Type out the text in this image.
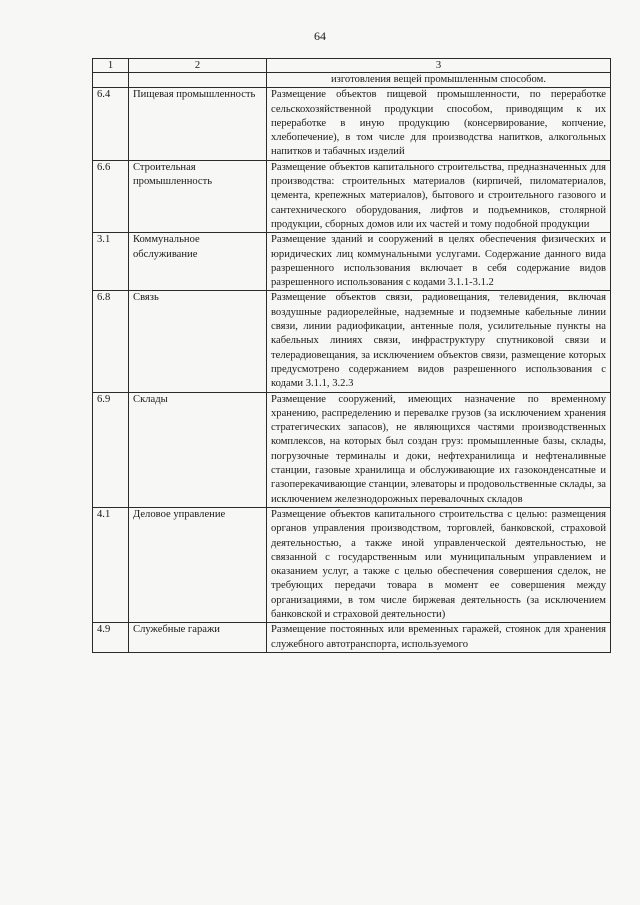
64
1	2	3
		изготовления вещей промышленным способом.
6.4	Пищевая промышленность	Размещение объектов пищевой промышленности, по переработке сельскохозяйственной продукции способом, приводящим к их переработке в иную продукцию (консервирование, копчение, хлебопечение), в том числе для производства напитков, алкогольных напитков и табачных изделий
6.6	Строительная промышленность	Размещение объектов капитального строительства, предназначенных для производства: строительных материалов (кирпичей, пиломатериалов, цемента, крепежных материалов), бытового и строительного газового и сантехнического оборудования, лифтов и подъемников, столярной продукции, сборных домов или их частей и тому подобной продукции
3.1	Коммунальное обслуживание	Размещение зданий и сооружений в целях обеспечения физических и юридических лиц коммунальными услугами. Содержание данного вида разрешенного использования включает в себя содержание видов разрешенного использования с кодами 3.1.1-3.1.2
6.8	Связь	Размещение объектов связи, радиовещания, телевидения, включая воздушные радиорелейные, надземные и подземные кабельные линии связи, линии радиофикации, антенные поля, усилительные пункты на кабельных линиях связи, инфраструктуру спутниковой связи и телерадиовещания, за исключением объектов связи, размещение которых предусмотрено содержанием видов разрешенного использования с кодами 3.1.1, 3.2.3
6.9	Склады	Размещение сооружений, имеющих назначение по временному хранению, распределению и перевалке грузов (за исключением хранения стратегических запасов), не являющихся частями производственных комплексов, на которых был создан груз: промышленные базы, склады, погрузочные терминалы и доки, нефтехранилища и нефтеналивные станции, газовые хранилища и обслуживающие их газоконденсатные и газоперекачивающие станции, элеваторы и продовольственные склады, за исключением железнодорожных перевалочных складов
4.1	Деловое управление	Размещение объектов капитального строительства с целью: размещения органов управления производством, торговлей, банковской, страховой деятельностью, а также иной управленческой деятельностью, не связанной с государственным или муниципальным управлением и оказанием услуг, а также с целью обеспечения совершения сделок, не требующих передачи товара в момент ее совершения между организациями, в том числе биржевая деятельность (за исключением банковской и страховой деятельности)
4.9	Служебные гаражи	Размещение постоянных или временных гаражей, стоянок для хранения служебного автотранспорта, используемого
